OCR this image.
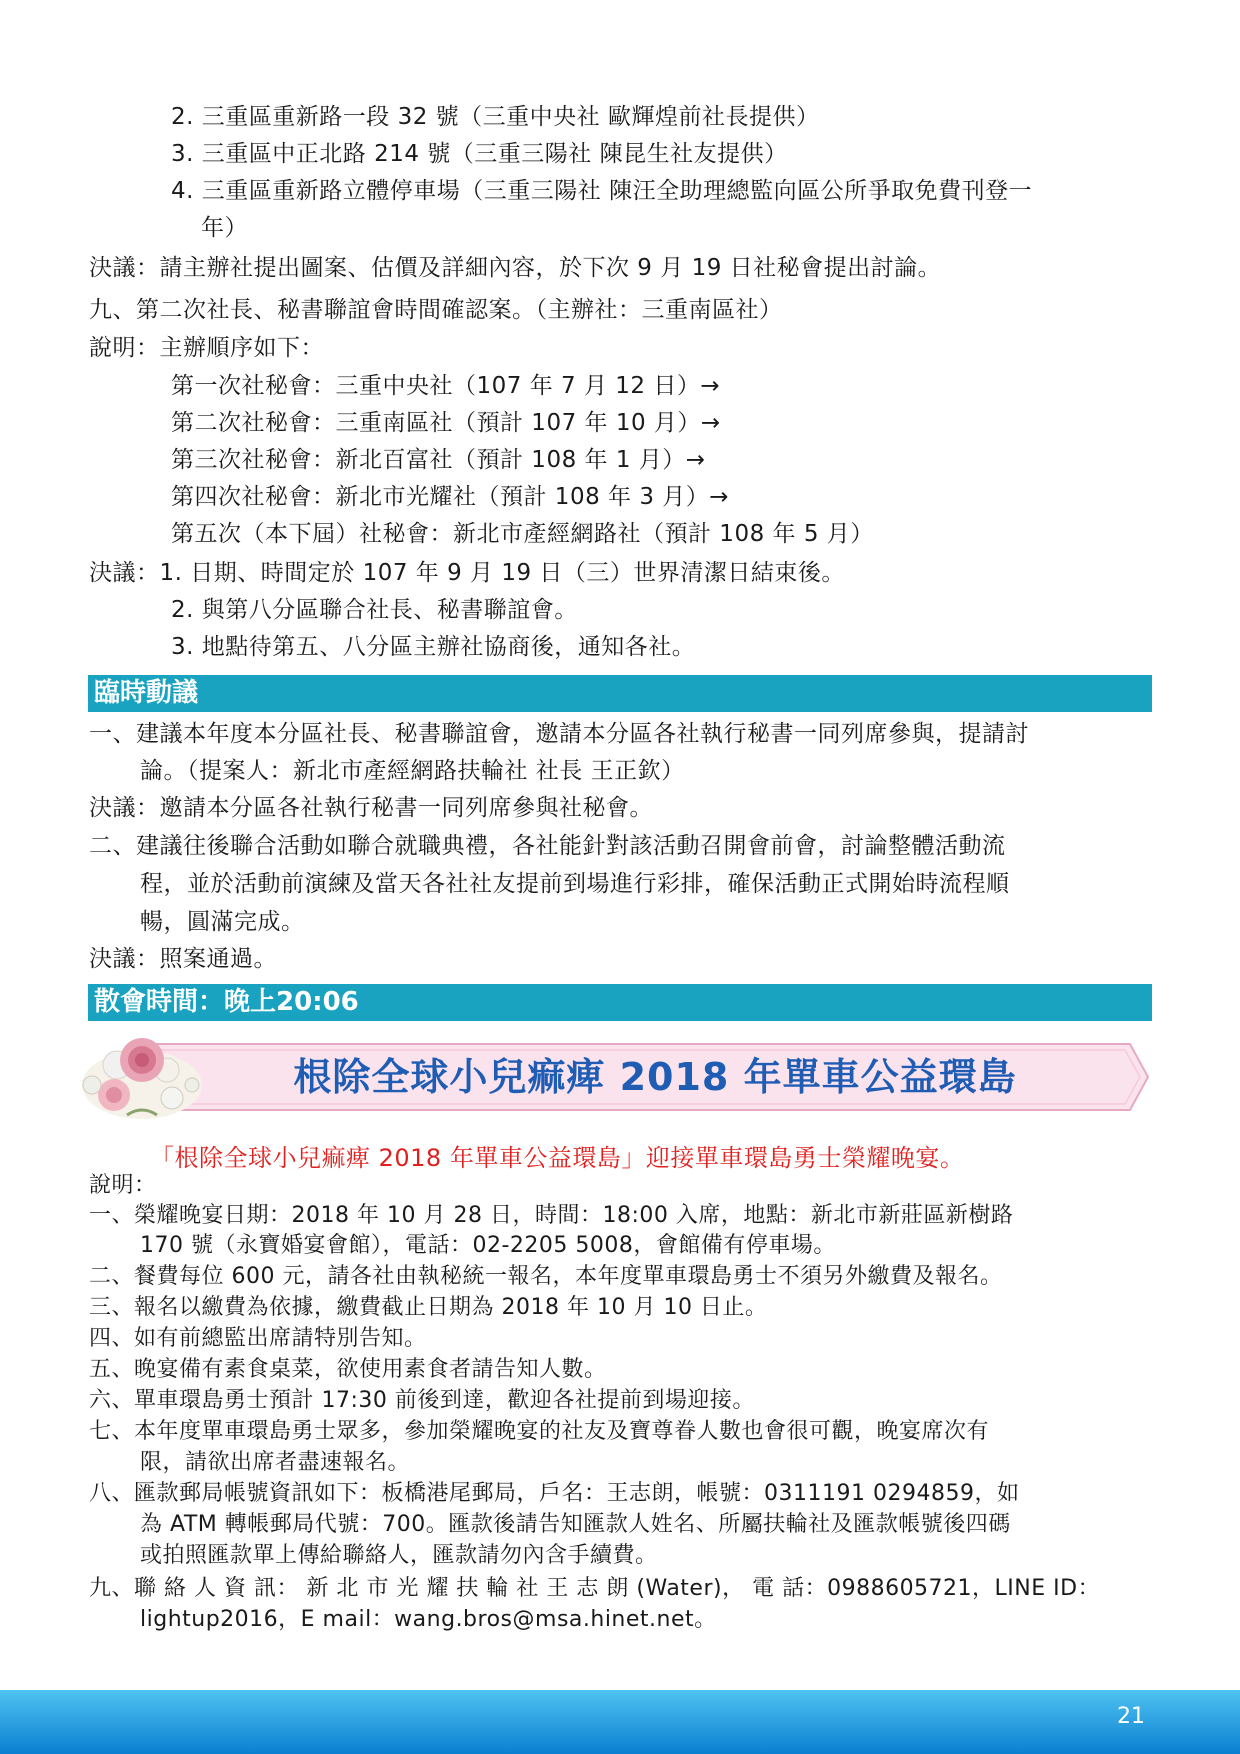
2. 三重區重新路一段 32 號（三重中央社 歐輝煌前社長提供）
3. 三重區中正北路 214 號（三重三陽社 陳昆生社友提供）
4. 三重區重新路立體停車場（三重三陽社 陳汪全助理總監向區公所爭取免費刊登一
年）
決議：請主辦社提出圖案、估價及詳細內容，於下次 9 月 19 日社秘會提出討論。
九、第二次社長、秘書聯誼會時間確認案。（主辦社：三重南區社）
說明：主辦順序如下：
第一次社秘會：三重中央社（107 年 7 月 12 日）→
第二次社秘會：三重南區社（預計 107 年 10 月）→
第三次社秘會：新北百富社（預計 108 年 1 月）→
第四次社秘會：新北市光耀社（預計 108 年 3 月）→
第五次（本下屆）社秘會：新北市產經網路社（預計 108 年 5 月）
決議：1. 日期、時間定於 107 年 9 月 19 日（三）世界清潔日結束後。
2. 與第八分區聯合社長、秘書聯誼會。
3. 地點待第五、八分區主辦社協商後，通知各社。
臨時動議
一、建議本年度本分區社長、秘書聯誼會，邀請本分區各社執行秘書一同列席參與，提請討
論。（提案人：新北市產經網路扶輪社 社長 王正欽）
決議：邀請本分區各社執行秘書一同列席參與社秘會。
二、建議往後聯合活動如聯合就職典禮，各社能針對該活動召開會前會，討論整體活動流
程，並於活動前演練及當天各社社友提前到場進行彩排，確保活動正式開始時流程順
暢，圓滿完成。
決議：照案通過。
散會時間：晚上20:06
根除全球小兒痲痺 2018 年單車公益環島
「根除全球小兒痲痺 2018 年單車公益環島」迎接單車環島勇士榮耀晚宴。
說明：
一、榮耀晚宴日期：2018 年 10 月 28 日，時間：18:00 入席，地點：新北市新莊區新樹路
170 號（永寶婚宴會館），電話：02-2205 5008，會館備有停車場。
二、餐費每位 600 元，請各社由執秘統一報名，本年度單車環島勇士不須另外繳費及報名。
三、報名以繳費為依據，繳費截止日期為 2018 年 10 月 10 日止。
四、如有前總監出席請特別告知。
五、晚宴備有素食桌菜，欲使用素食者請告知人數。
六、單車環島勇士預計 17:30 前後到達，歡迎各社提前到場迎接。
七、本年度單車環島勇士眾多，參加榮耀晚宴的社友及寶尊眷人數也會很可觀，晚宴席次有
限，請欲出席者盡速報名。
八、匯款郵局帳號資訊如下：板橋港尾郵局，戶名：王志朗，帳號：0311191 0294859，如
為 ATM 轉帳郵局代號：700。匯款後請告知匯款人姓名、所屬扶輪社及匯款帳號後四碼
或拍照匯款單上傳給聯絡人，匯款請勿內含手續費。
九、聯 絡 人 資 訊： 新 北 市 光 耀 扶 輪 社 王 志 朗 (Water)， 電 話：0988605721，LINE ID：
lightup2016，E mail：wang.bros@msa.hinet.net。
21
